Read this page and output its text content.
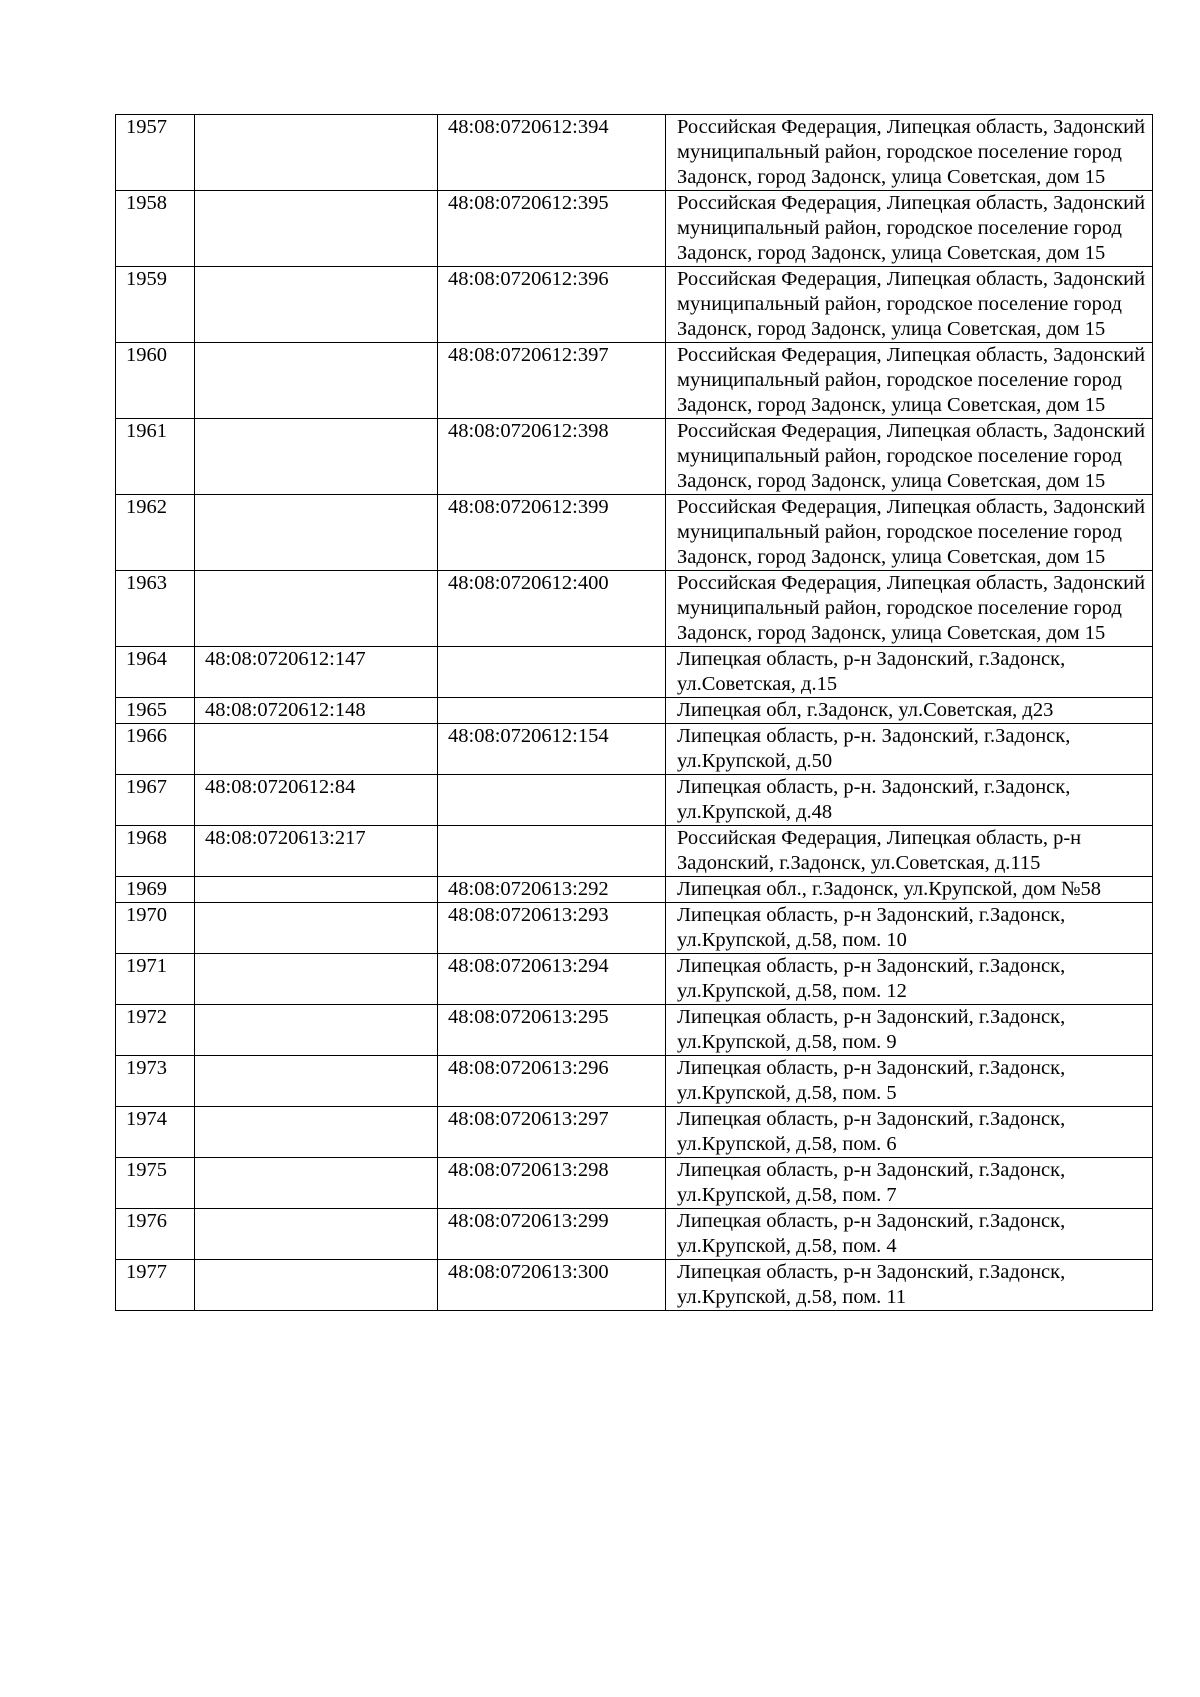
1957		48:08:0720612:394	Российская Федерация, Липецкая область, Задонский муниципальный район, городское поселение город Задонск, город Задонск, улица Советская, дом 15
1958		48:08:0720612:395	Российская Федерация, Липецкая область, Задонский муниципальный район, городское поселение город Задонск, город Задонск, улица Советская, дом 15
1959		48:08:0720612:396	Российская Федерация, Липецкая область, Задонский муниципальный район, городское поселение город Задонск, город Задонск, улица Советская, дом 15
1960		48:08:0720612:397	Российская Федерация, Липецкая область, Задонский муниципальный район, городское поселение город Задонск, город Задонск, улица Советская, дом 15
1961		48:08:0720612:398	Российская Федерация, Липецкая область, Задонский муниципальный район, городское поселение город Задонск, город Задонск, улица Советская, дом 15
1962		48:08:0720612:399	Российская Федерация, Липецкая область, Задонский муниципальный район, городское поселение город Задонск, город Задонск, улица Советская, дом 15
1963		48:08:0720612:400	Российская Федерация, Липецкая область, Задонский муниципальный район, городское поселение город Задонск, город Задонск, улица Советская, дом 15
1964	48:08:0720612:147		Липецкая область, р-н Задонский, г.Задонск, ул.Советская, д.15
1965	48:08:0720612:148		Липецкая обл, г.Задонск, ул.Советская, д23
1966		48:08:0720612:154	Липецкая область, р-н. Задонский, г.Задонск, ул.Крупской, д.50
1967	48:08:0720612:84		Липецкая область, р-н. Задонский, г.Задонск, ул.Крупской, д.48
1968	48:08:0720613:217		Российская Федерация, Липецкая область, р-н Задонский, г.Задонск, ул.Советская, д.115
1969		48:08:0720613:292	Липецкая обл., г.Задонск, ул.Крупской, дом №58
1970		48:08:0720613:293	Липецкая область, р-н Задонский, г.Задонск, ул.Крупской, д.58, пом. 10
1971		48:08:0720613:294	Липецкая область, р-н Задонский, г.Задонск, ул.Крупской, д.58, пом. 12
1972		48:08:0720613:295	Липецкая область, р-н Задонский, г.Задонск, ул.Крупской, д.58, пом. 9
1973		48:08:0720613:296	Липецкая область, р-н Задонский, г.Задонск, ул.Крупской, д.58, пом. 5
1974		48:08:0720613:297	Липецкая область, р-н Задонский, г.Задонск, ул.Крупской, д.58, пом. 6
1975		48:08:0720613:298	Липецкая область, р-н Задонский, г.Задонск, ул.Крупской, д.58, пом. 7
1976		48:08:0720613:299	Липецкая область, р-н Задонский, г.Задонск, ул.Крупской, д.58, пом. 4
1977		48:08:0720613:300	Липецкая область, р-н Задонский, г.Задонск, ул.Крупской, д.58, пом. 11
